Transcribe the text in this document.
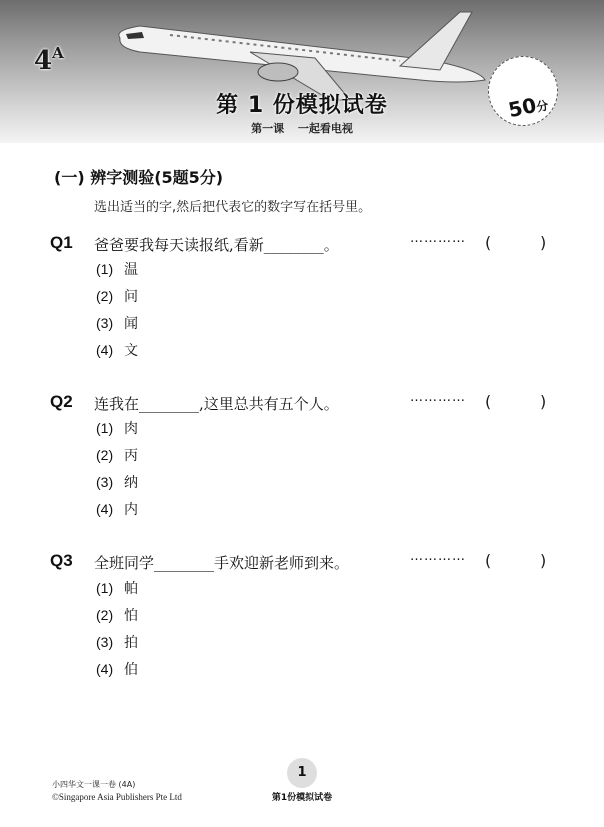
$4^A$
第 1 份模拟试卷
第一课 一起看电视
50分
(一) 辨字测验(5题5分)
选出适当的字,然后把代表它的数字写在括号里。
Q1 爸爸要我每天读报纸,看新________。	………… (	)
(1) 温
(2) 问
(3) 闻
(4) 文
Q2 连我在________,这里总共有五个人。	………… (	)
(1) 肉
(2) 丙
(3) 纳
(4) 内
Q3 全班同学________手欢迎新老师到来。	………… (	)
(1) 帕
(2) 怕
(3) 拍
(4) 伯
小四华文一课一卷 (4A)
©Singapore Asia Publishers Pte Ltd
1
第1份模拟试卷
